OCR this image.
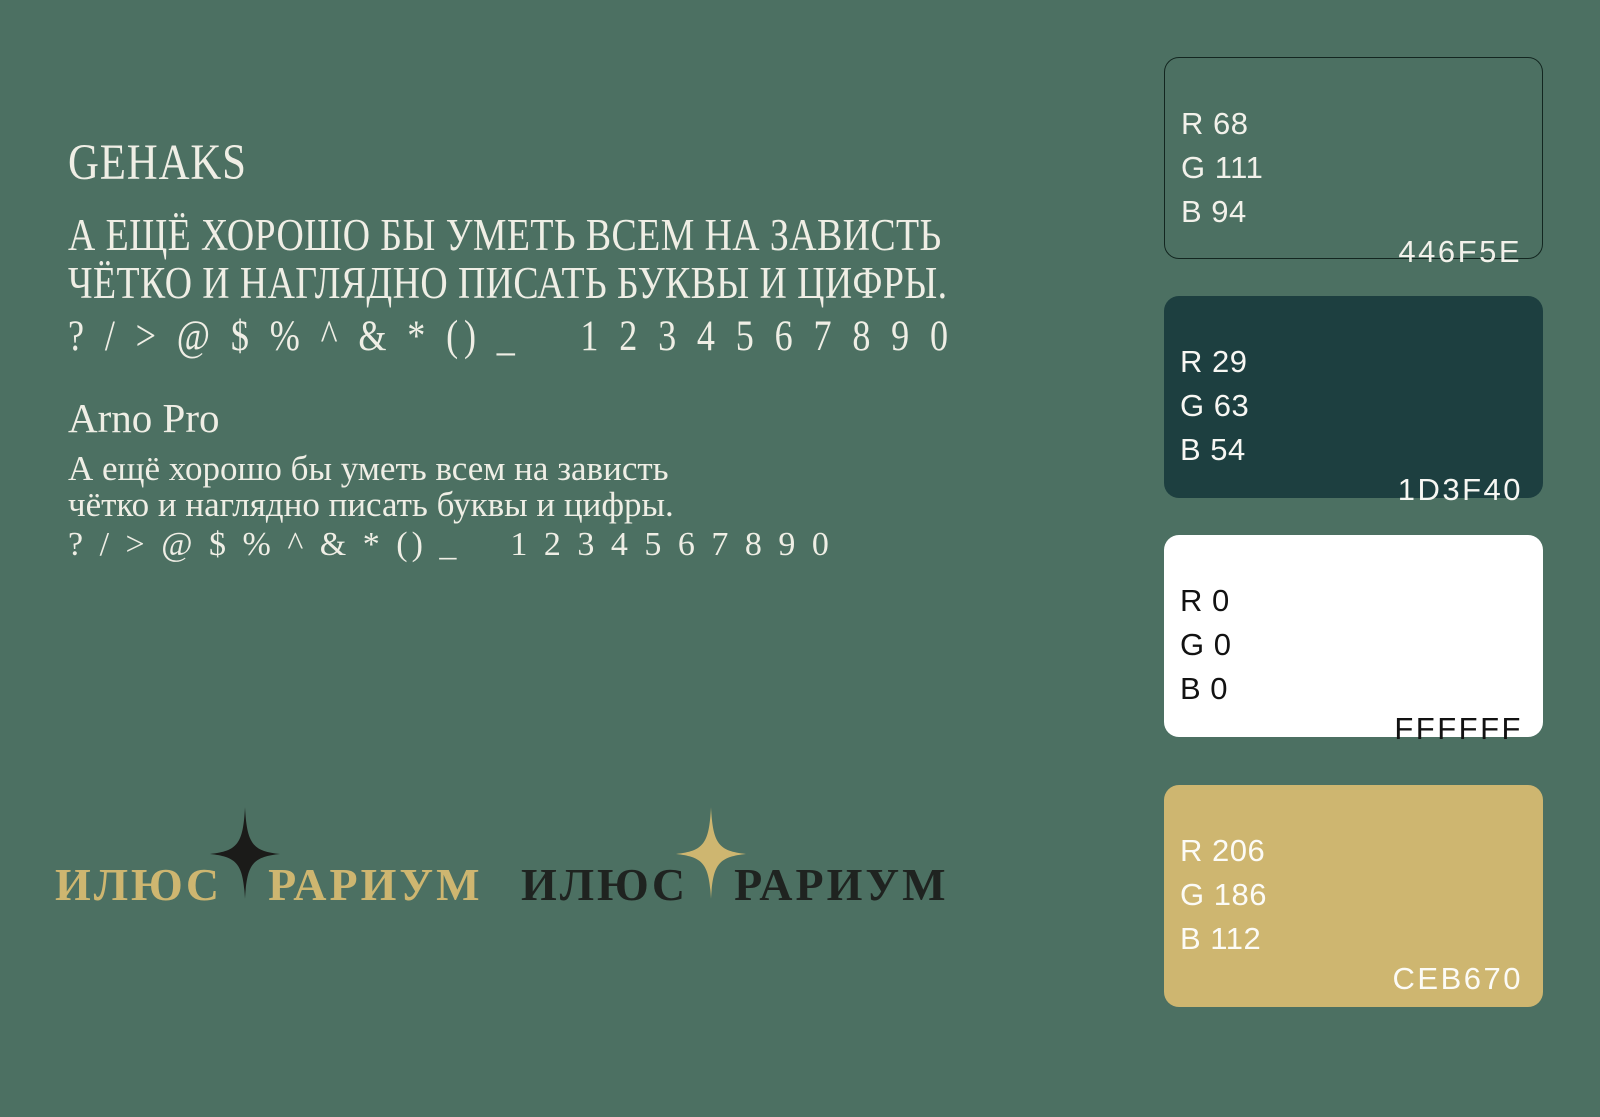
GEHAKS
А ЕЩЁ ХОРОШО БЫ УМЕТЬ ВСЕМ НА ЗАВИСТЬ
ЧЁТКО И НАГЛЯДНО ПИСАТЬ БУКВЫ И ЦИФРЫ.
? / > @ $ % ^ & * () _    1 2 3 4 5 6 7 8 9 0
Arno Pro
А ещё хорошо бы уметь всем на зависть
чётко и наглядно писать буквы и цифры.
? / > @ $ % ^ & * () _    1 2 3 4 5 6 7 8 9 0
ИЛЮС РАРИУМ ИЛЮС РАРИУМ
R 68
G 111
B 94
446F5E
R 29
G 63
B 54
1D3F40
R 0
G 0
B 0
FFFFFF
R 206
G 186
B 112
CEB670
